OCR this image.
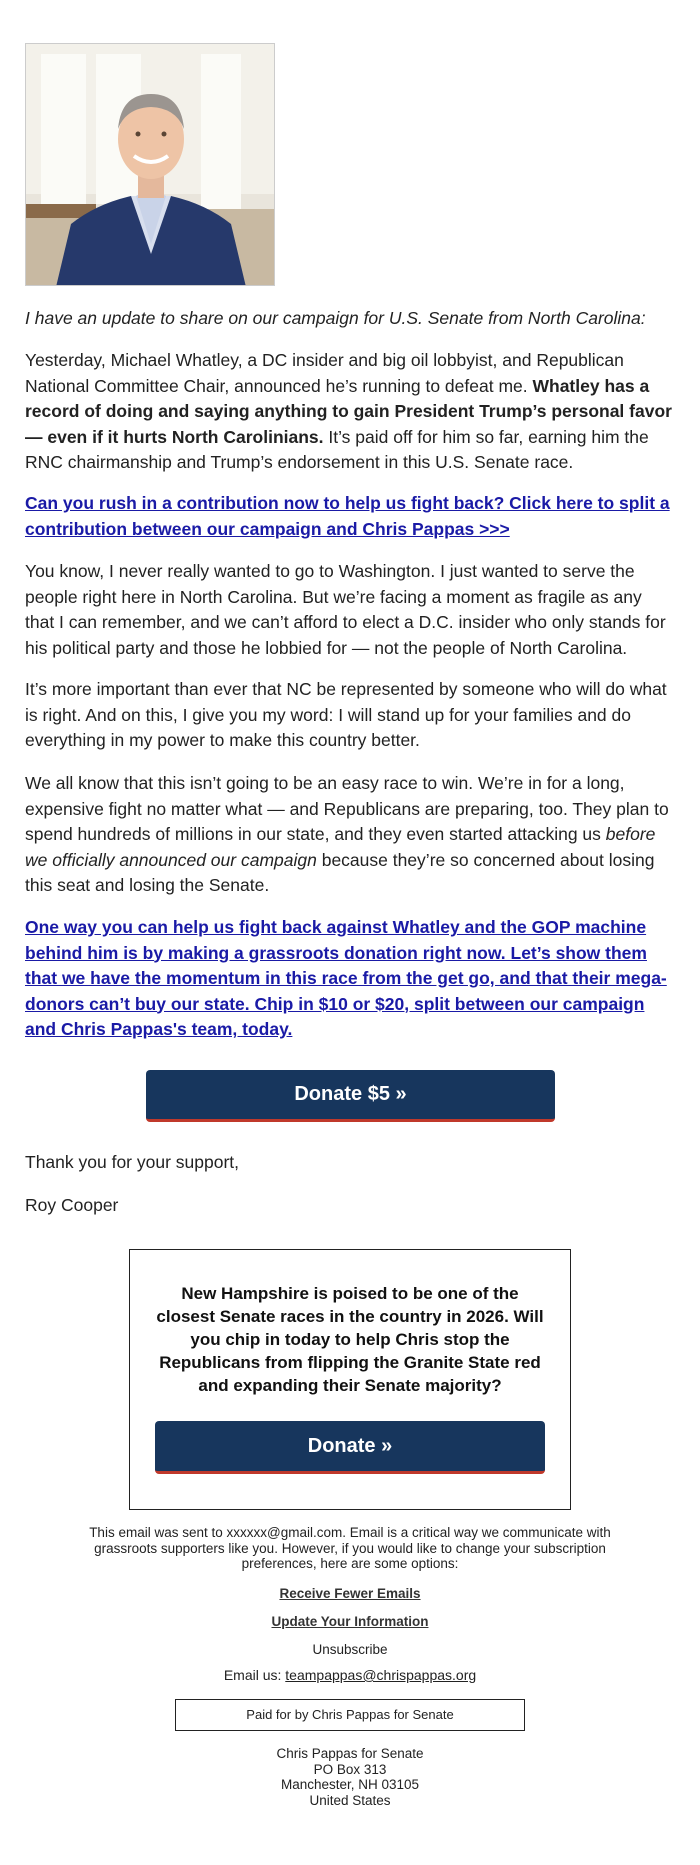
I have an update to share on our campaign for U.S. Senate from North Carolina:

Yesterday, Michael Whatley, a DC insider and big oil lobbyist, and Republican National Committee Chair, announced he’s running to defeat me. Whatley has a record of doing and saying anything to gain President Trump’s personal favor — even if it hurts North Carolinians. It’s paid off for him so far, earning him the RNC chairmanship and Trump’s endorsement in this U.S. Senate race.

Can you rush in a contribution now to help us fight back? Click here to split a contribution between our campaign and Chris Pappas >>>

You know, I never really wanted to go to Washington. I just wanted to serve the people right here in North Carolina. But we’re facing a moment as fragile as any that I can remember, and we can’t afford to elect a D.C. insider who only stands for his political party and those he lobbied for — not the people of North Carolina.

It’s more important than ever that NC be represented by someone who will do what is right. And on this, I give you my word: I will stand up for your families and do everything in my power to make this country better.

We all know that this isn’t going to be an easy race to win. We’re in for a long, expensive fight no matter what — and Republicans are preparing, too. They plan to spend hundreds of millions in our state, and they even started attacking us before we officially announced our campaign because they’re so concerned about losing this seat and losing the Senate.

One way you can help us fight back against Whatley and the GOP machine behind him is by making a grassroots donation right now. Let’s show them that we have the momentum in this race from the get go, and that their mega-donors can’t buy our state. Chip in $10 or $20, split between our campaign and Chris Pappas's team, today.

Donate $5 »

Thank you for your support,

Roy Cooper

New Hampshire is poised to be one of the closest Senate races in the country in 2026. Will you chip in today to help Chris stop the Republicans from flipping the Granite State red and expanding their Senate majority?
Donate »
This email was sent to xxxxxx@gmail.com. Email is a critical way we communicate with grassroots supporters like you. However, if you would like to change your subscription preferences, here are some options:
Receive Fewer Emails
Update Your Information
Unsubscribe
Email us: teampappas@chrispappas.org
Paid for by Chris Pappas for Senate
Chris Pappas for Senate
PO Box 313
Manchester, NH 03105
United States
